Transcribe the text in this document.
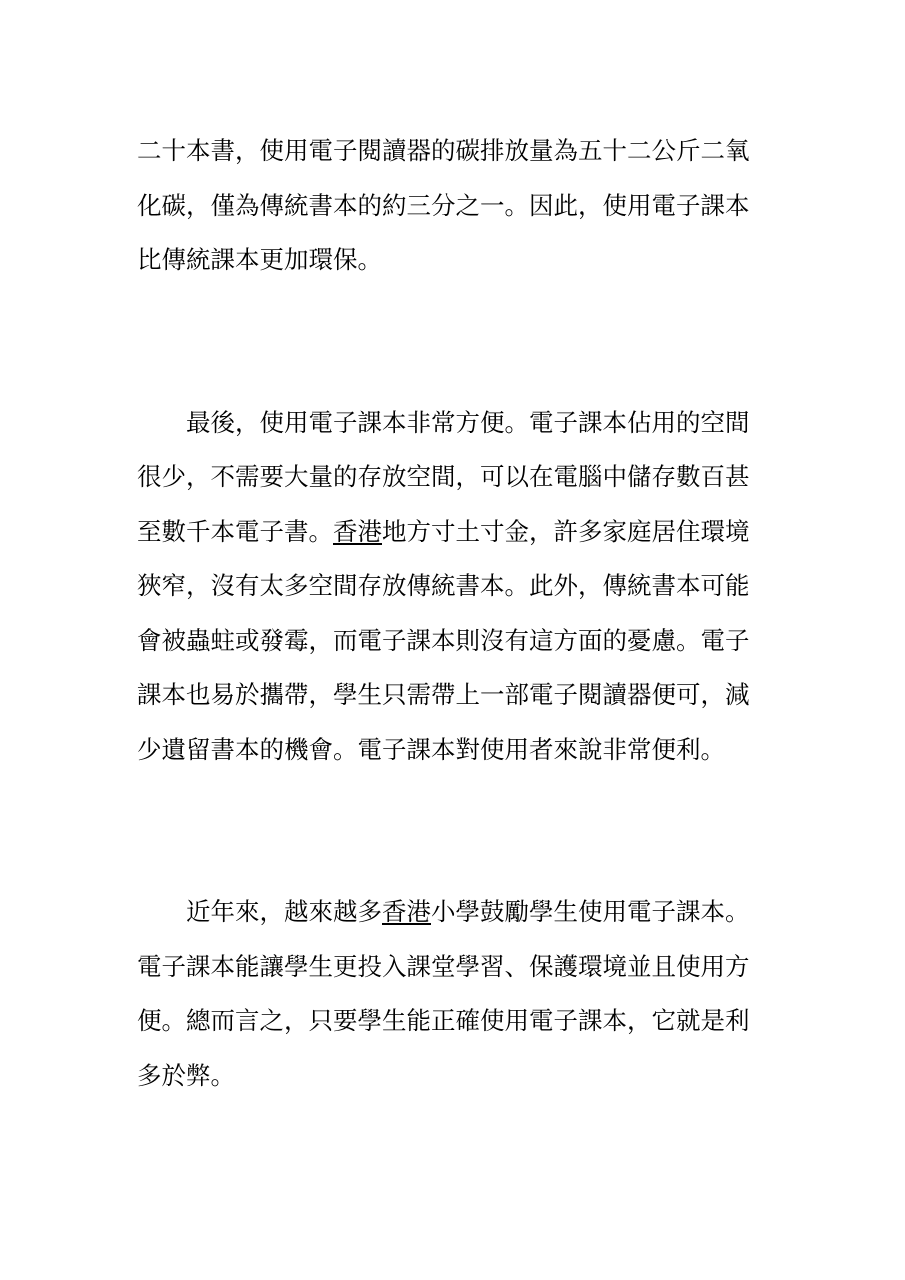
二十本書，使用電子閱讀器的碳排放量為五十二公斤二氧
化碳，僅為傳統書本的約三分之一。因此，使用電子課本
比傳統課本更加環保。
最後，使用電子課本非常方便。電子課本佔用的空間
很少，不需要大量的存放空間，可以在電腦中儲存數百甚
至數千本電子書。香港地方寸土寸金，許多家庭居住環境
狹窄，沒有太多空間存放傳統書本。此外，傳統書本可能
會被蟲蛀或發霉，而電子課本則沒有這方面的憂慮。電子
課本也易於攜帶，學生只需帶上一部電子閱讀器便可，減
少遺留書本的機會。電子課本對使用者來說非常便利。
近年來，越來越多香港小學鼓勵學生使用電子課本。
電子課本能讓學生更投入課堂學習、保護環境並且使用方
便。總而言之，只要學生能正確使用電子課本，它就是利
多於弊。
